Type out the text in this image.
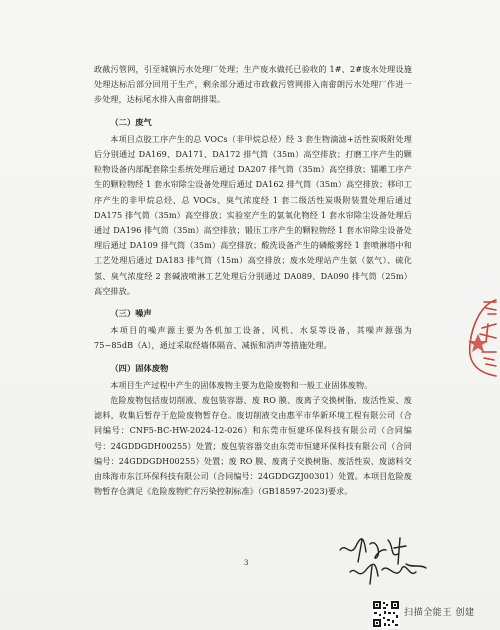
政截污管网，引至城镇污水处理厂处理；生产废水做托已验收的 1#、2#废水处理设施处理达标后部分回用于生产，剩余部分通过市政截污管网排入南畲朗污水处理厂作进一步处理，达标尾水排入南畲朗排渠。

（二）废气

本项目点胶工序产生的总 VOCs（非甲烷总烃）经 3 套生物滴滤+活性炭吸附处理后分别通过 DA169、DA171、DA172 排气筒（35m）高空排放；打磨工序产生的颗粒物设备内部配套除尘系统处理后通过 DA207 排气筒（35m）高空排放；镭雕工序产生的颗粒物经 1 套水帘除尘设备处理后通过 DA162 排气筒（35m）高空排放；移印工序产生的非甲烷总烃、总 VOCs、臭气浓度经 1 套二级活性炭吸附装置处理后通过 DA175 排气筒（35m）高空排放；实验室产生的氯氧化物经 1 套水帘除尘设备处理后通过 DA196 排气筒（35m）高空排放；锻压工序产生的颗粒物经 1 套水帘除尘设备处理后通过 DA109 排气筒（35m）高空排放；酸洗设备产生的磷酸雾经 1 套喷淋塔中和工艺处理后通过 DA183 排气筒（15m）高空排放；废水处理站产生氨（氨气）、硫化氢、臭气浓度经 2 套碱液喷淋工艺处理后分别通过 DA089、DA090 排气筒（25m）高空排放。

（三）噪声

本项目的噪声源主要为各机加工设备、风机、水泵等设备，其噪声源强为 75~85dB（A），通过采取经墙体隔音、减振和消声等措施处理。

（四）固体废物

本项目生产过程中产生的固体废物主要为危险废物和一般工业固体废物。

危险废物包括废切削液、废包装容器、废 RO 膜、废离子交换树脂、废活性炭、废滤料，收集后暂存于危险废物暂存仓。废切削液交由惠平市华新环境工程有限公司（合同编号：CNF5-BC-HW-2024-12-026）和东莞市恒建环保科技有限公司（合同编号：24GDDGDH00255）处置；废包装容器交由东莞市恒建环保科技有限公司（合同编号：24GDDGDH00255）处置；废 RO 膜、废离子交换树脂、废活性炭、废滤料交由珠海市东江环保科技有限公司（合同编号：24GDDGZJ00301）处置。本项目危险废物暂存仓满足《危险废物贮存污染控制标准》（GB18597-2023)要求。

3
扫描全能王 创建
